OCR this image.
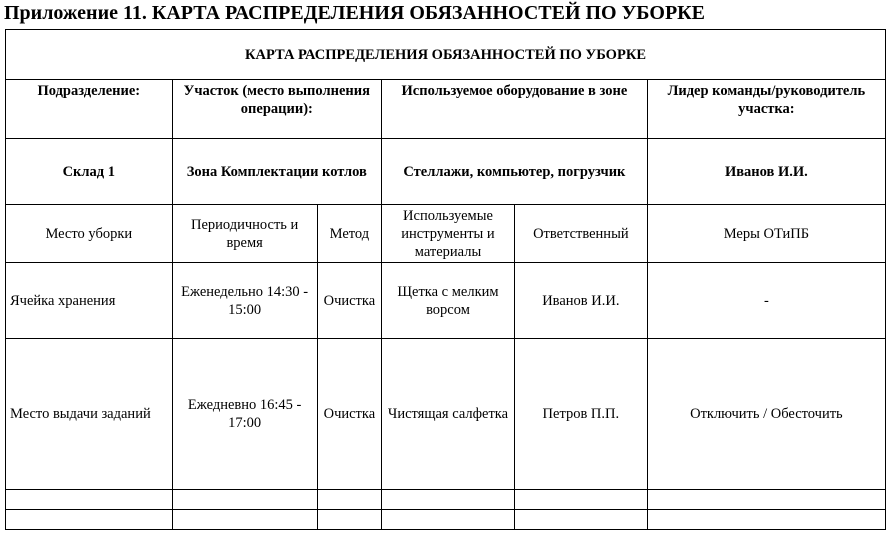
Приложение 11. КАРТА РАСПРЕДЕЛЕНИЯ ОБЯЗАННОСТЕЙ ПО УБОРКЕ
КАРТА РАСПРЕДЕЛЕНИЯ ОБЯЗАННОСТЕЙ ПО УБОРКЕ					
Подразделение:	Участок (место выполнения операции):		Используемое оборудование в зоне		Лидер команды/руководитель участка:
Склад 1	Зона Комплектации котлов		Стеллажи, компьютер, погрузчик		Иванов И.И.
Место уборки	Периодичность и время	Метод	Используемые инструменты и материалы	Ответственный	Меры ОТиПБ
Ячейка хранения	Еженедельно 14:30 - 15:00	Очистка	Щетка с мелким ворсом	Иванов И.И.	-
Место выдачи заданий	Ежедневно 16:45 - 17:00	Очистка	Чистящая салфетка	Петров П.П.	Отключить / Обесточить
